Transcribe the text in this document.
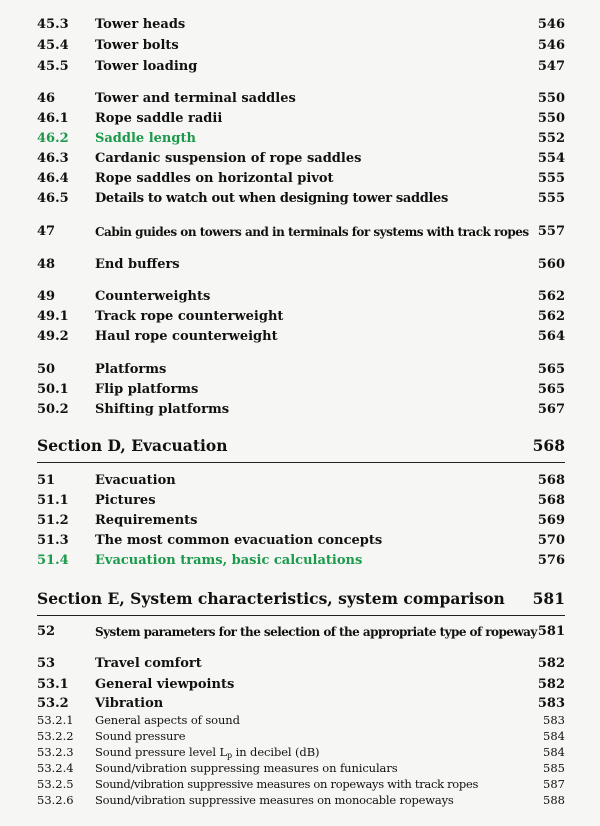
45.3 Tower heads	546
45.4 Tower bolts	546
45.5 Tower loading	547
46	Tower and terminal saddles	550
46.1 Rope saddle radii	550
46.2 Saddle length	552
46.3 Cardanic suspension of rope saddles	554
46.4 Rope saddles on horizontal pivot	555
46.5 Details to watch out when designing tower saddles	555
47	Cabin guides on towers and in terminals for systems with track ropes 557
48	End buffers	560
49	Counterweights	562
49.1 Track rope counterweight	562
49.2 Haul rope counterweight	564
50	Platforms	565
50.1 Flip platforms	565
50.2 Shifting platforms	567
Section D, Evacuation	568
51	Evacuation	568
51.1 Pictures	568
51.2 Requirements	569
51.3 The most common evacuation concepts	570
51.4 Evacuation trams, basic calculations	576
Section E, System characteristics, system comparison 581
52	System parameters for the selection of the appropriate type of ropeway 581
53	Travel comfort	582
53.1 General viewpoints	582
53.2 Vibration	583
53.2.1 General aspects of sound	583
53.2.2 Sound pressure	584
53.2.3 Sound pressure level $L_p$ in decibel (dB)	584
53.2.4 Sound/vibration suppressing measures on funiculars	585
53.2.5 Sound/vibration suppressive measures on ropeways with track ropes	587
53.2.6 Sound/vibration suppressive measures on monocable ropeways	588
